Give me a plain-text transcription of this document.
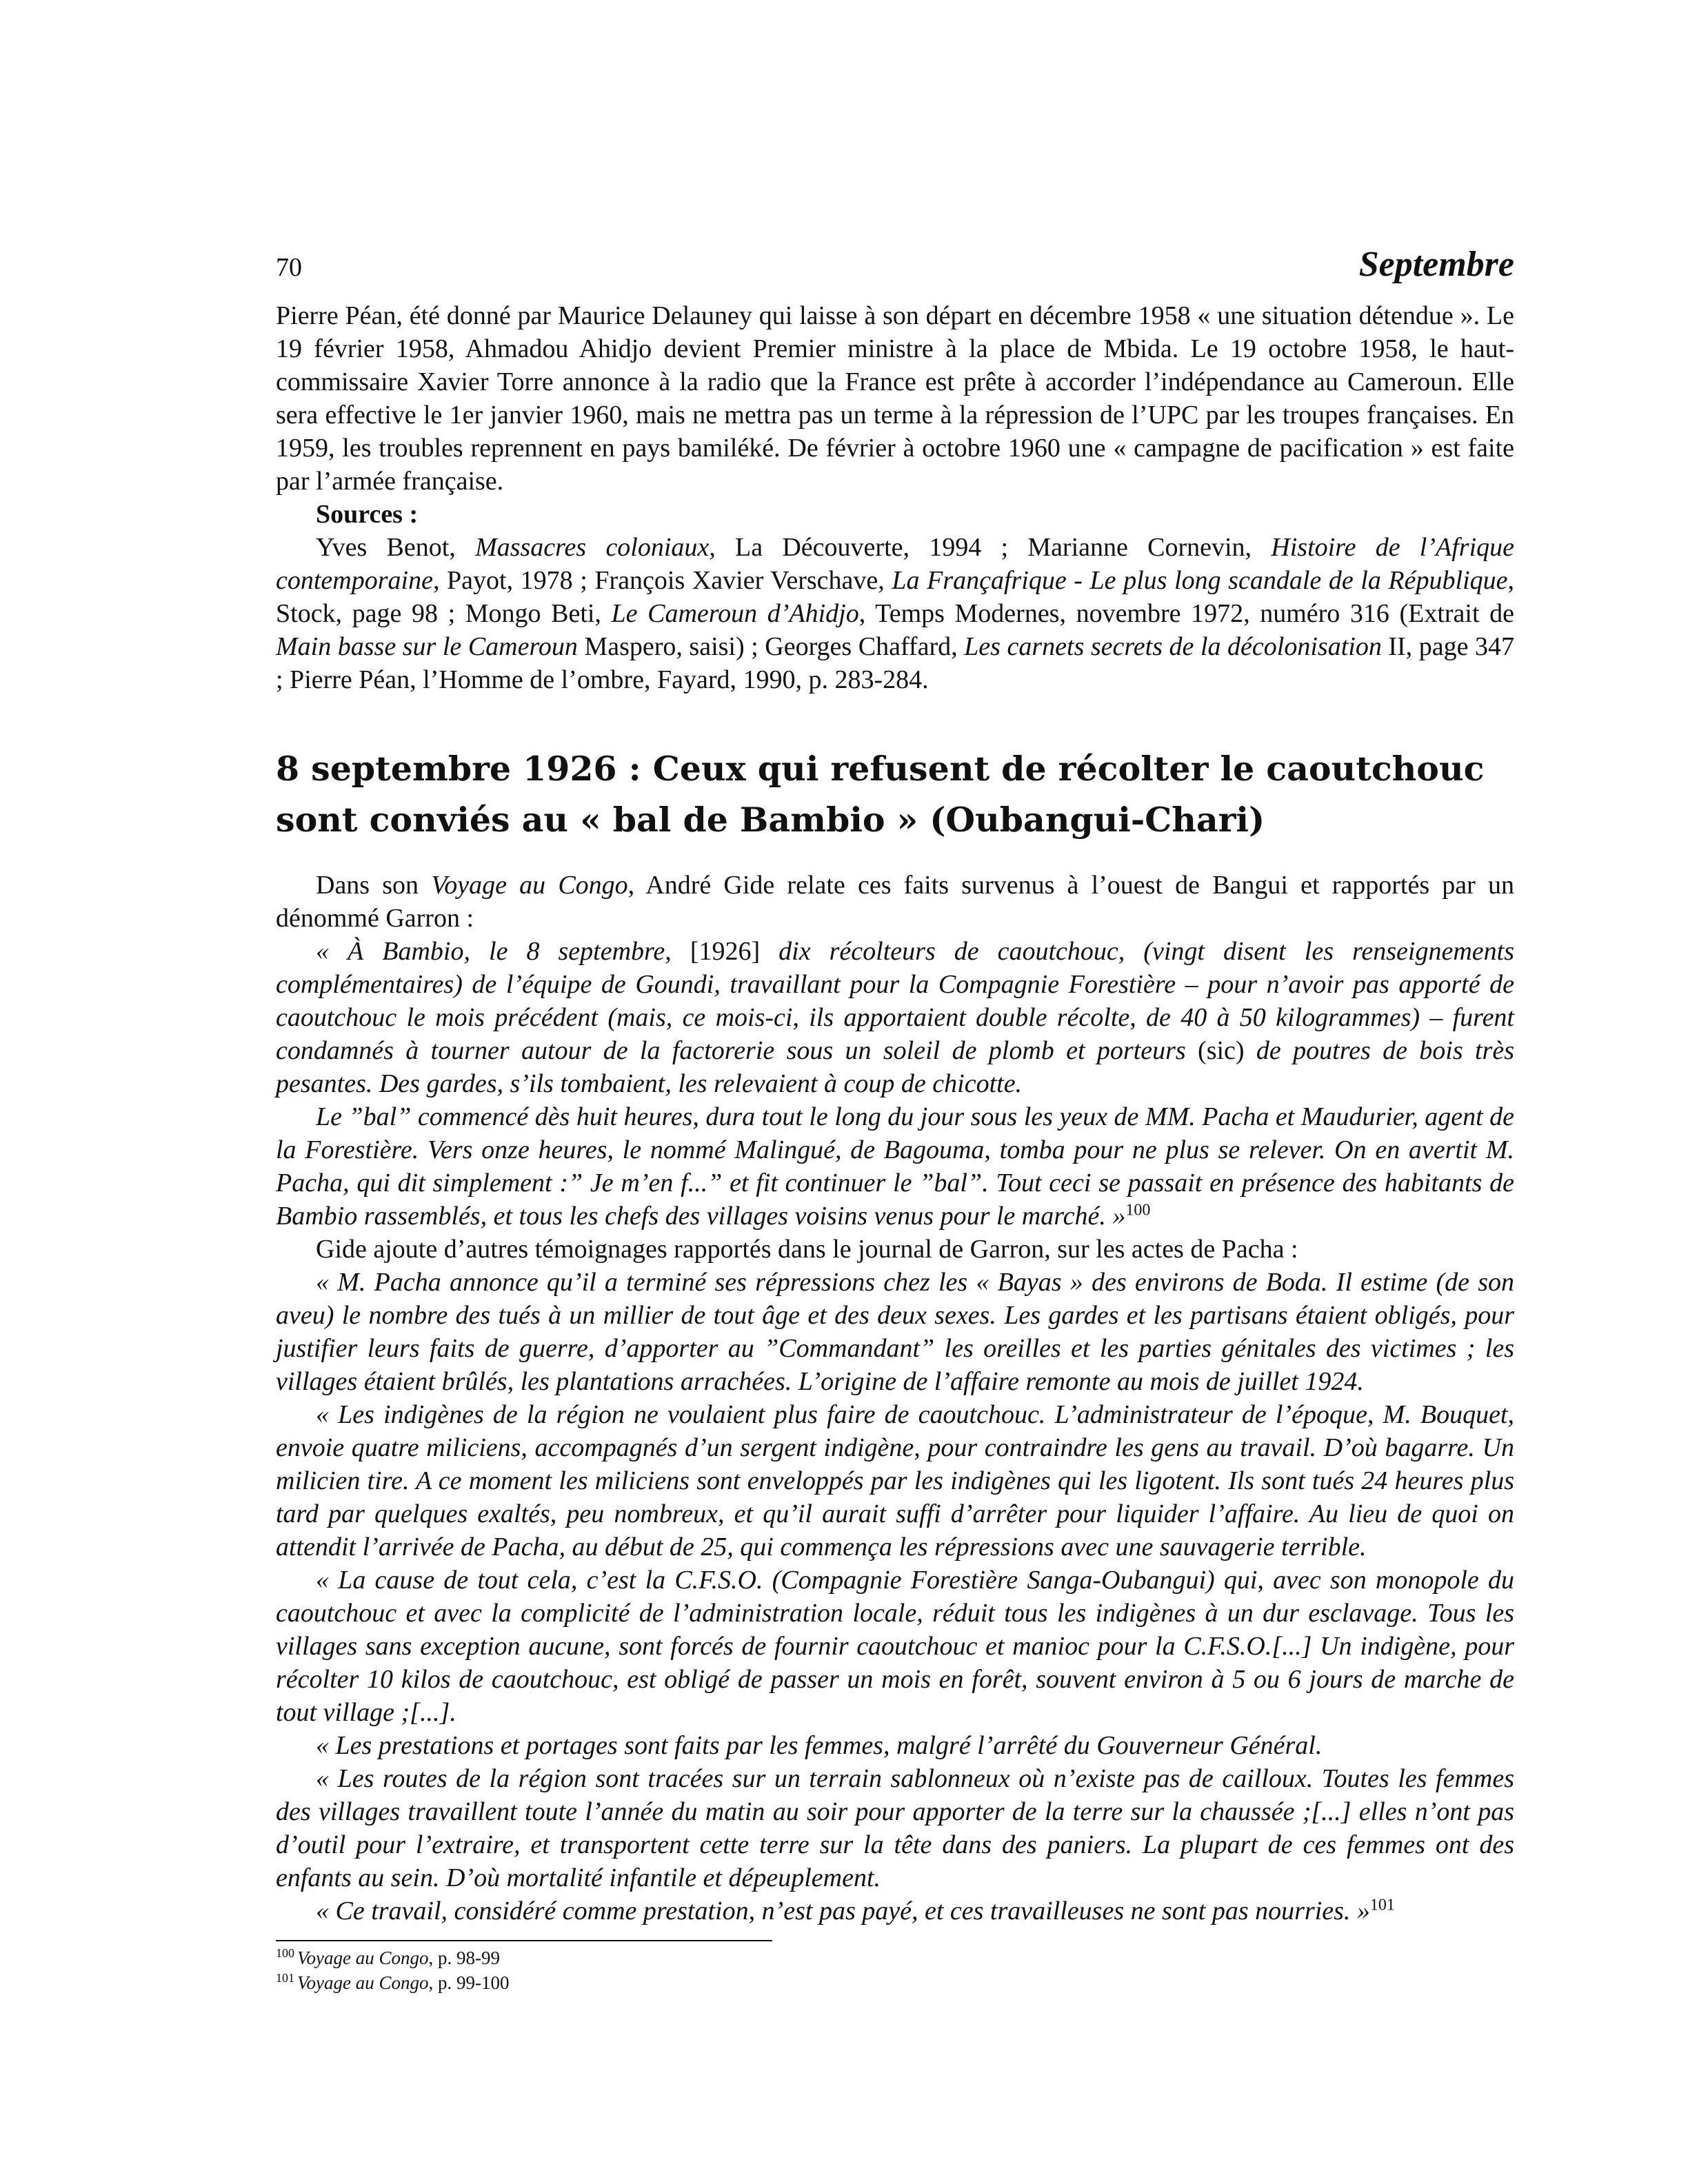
70	Septembre

Pierre Péan, été donné par Maurice Delauney qui laisse à son départ en décembre 1958 « une situation détendue ». Le 19 février 1958, Ahmadou Ahidjo devient Premier ministre à la place de Mbida. Le 19 octobre 1958, le haut-commissaire Xavier Torre annonce à la radio que la France est prête à accorder l’indépendance au Cameroun. Elle sera effective le 1er janvier 1960, mais ne mettra pas un terme à la répression de l’UPC par les troupes françaises. En 1959, les troubles reprennent en pays bamiléké. De février à octobre 1960 une « campagne de pacification » est faite par l’armée française.

Sources :

Yves Benot, Massacres coloniaux, La Découverte, 1994 ; Marianne Cornevin, Histoire de l’Afrique contemporaine, Payot, 1978 ; François Xavier Verschave, La Françafrique - Le plus long scandale de la République, Stock, page 98 ; Mongo Beti, Le Cameroun d’Ahidjo, Temps Modernes, novembre 1972, numéro 316 (Extrait de Main basse sur le Cameroun Maspero, saisi) ; Georges Chaffard, Les carnets secrets de la décolonisation II, page 347 ; Pierre Péan, l’Homme de l’ombre, Fayard, 1990, p. 283-284.

8 septembre 1926 : Ceux qui refusent de récolter le caoutchouc sont conviés au « bal de Bambio » (Oubangui-Chari)

Dans son Voyage au Congo, André Gide relate ces faits survenus à l’ouest de Bangui et rapportés par un dénommé Garron :

« À Bambio, le 8 septembre, [1926] dix récolteurs de caoutchouc, (vingt disent les renseignements complémentaires) de l’équipe de Goundi, travaillant pour la Compagnie Forestière – pour n’avoir pas apporté de caoutchouc le mois précédent (mais, ce mois-ci, ils apportaient double récolte, de 40 à 50 kilogrammes) – furent condamnés à tourner autour de la factorerie sous un soleil de plomb et porteurs (sic) de poutres de bois très pesantes. Des gardes, s’ils tombaient, les relevaient à coup de chicotte.

Le ”bal” commencé dès huit heures, dura tout le long du jour sous les yeux de MM. Pacha et Maudurier, agent de la Forestière. Vers onze heures, le nommé Malingué, de Bagouma, tomba pour ne plus se relever. On en avertit M. Pacha, qui dit simplement :” Je m’en f...” et fit continuer le ”bal”. Tout ceci se passait en présence des habitants de Bambio rassemblés, et tous les chefs des villages voisins venus pour le marché. »$^{100}$

Gide ajoute d’autres témoignages rapportés dans le journal de Garron, sur les actes de Pacha :

« M. Pacha annonce qu’il a terminé ses répressions chez les « Bayas » des environs de Boda. Il estime (de son aveu) le nombre des tués à un millier de tout âge et des deux sexes. Les gardes et les partisans étaient obligés, pour justifier leurs faits de guerre, d’apporter au ”Commandant” les oreilles et les parties génitales des victimes ; les villages étaient brûlés, les plantations arrachées. L’origine de l’affaire remonte au mois de juillet 1924.

« Les indigènes de la région ne voulaient plus faire de caoutchouc. L’administrateur de l’époque, M. Bouquet, envoie quatre miliciens, accompagnés d’un sergent indigène, pour contraindre les gens au travail. D’où bagarre. Un milicien tire. A ce moment les miliciens sont enveloppés par les indigènes qui les ligotent. Ils sont tués 24 heures plus tard par quelques exaltés, peu nombreux, et qu’il aurait suffi d’arrêter pour liquider l’affaire. Au lieu de quoi on attendit l’arrivée de Pacha, au début de 25, qui commença les répressions avec une sauvagerie terrible.

« La cause de tout cela, c’est la C.F.S.O. (Compagnie Forestière Sanga-Oubangui) qui, avec son monopole du caoutchouc et avec la complicité de l’administration locale, réduit tous les indigènes à un dur esclavage. Tous les villages sans exception aucune, sont forcés de fournir caoutchouc et manioc pour la C.F.S.O.[...] Un indigène, pour récolter 10 kilos de caoutchouc, est obligé de passer un mois en forêt, souvent environ à 5 ou 6 jours de marche de tout village ;[...].

« Les prestations et portages sont faits par les femmes, malgré l’arrêté du Gouverneur Général.

« Les routes de la région sont tracées sur un terrain sablonneux où n’existe pas de cailloux. Toutes les femmes des villages travaillent toute l’année du matin au soir pour apporter de la terre sur la chaussée ;[...] elles n’ont pas d’outil pour l’extraire, et transportent cette terre sur la tête dans des paniers. La plupart de ces femmes ont des enfants au sein. D’où mortalité infantile et dépeuplement.

« Ce travail, considéré comme prestation, n’est pas payé, et ces travailleuses ne sont pas nourries. »$^{101}$

$^{100}$ Voyage au Congo, p. 98-99
$^{101}$ Voyage au Congo, p. 99-100
